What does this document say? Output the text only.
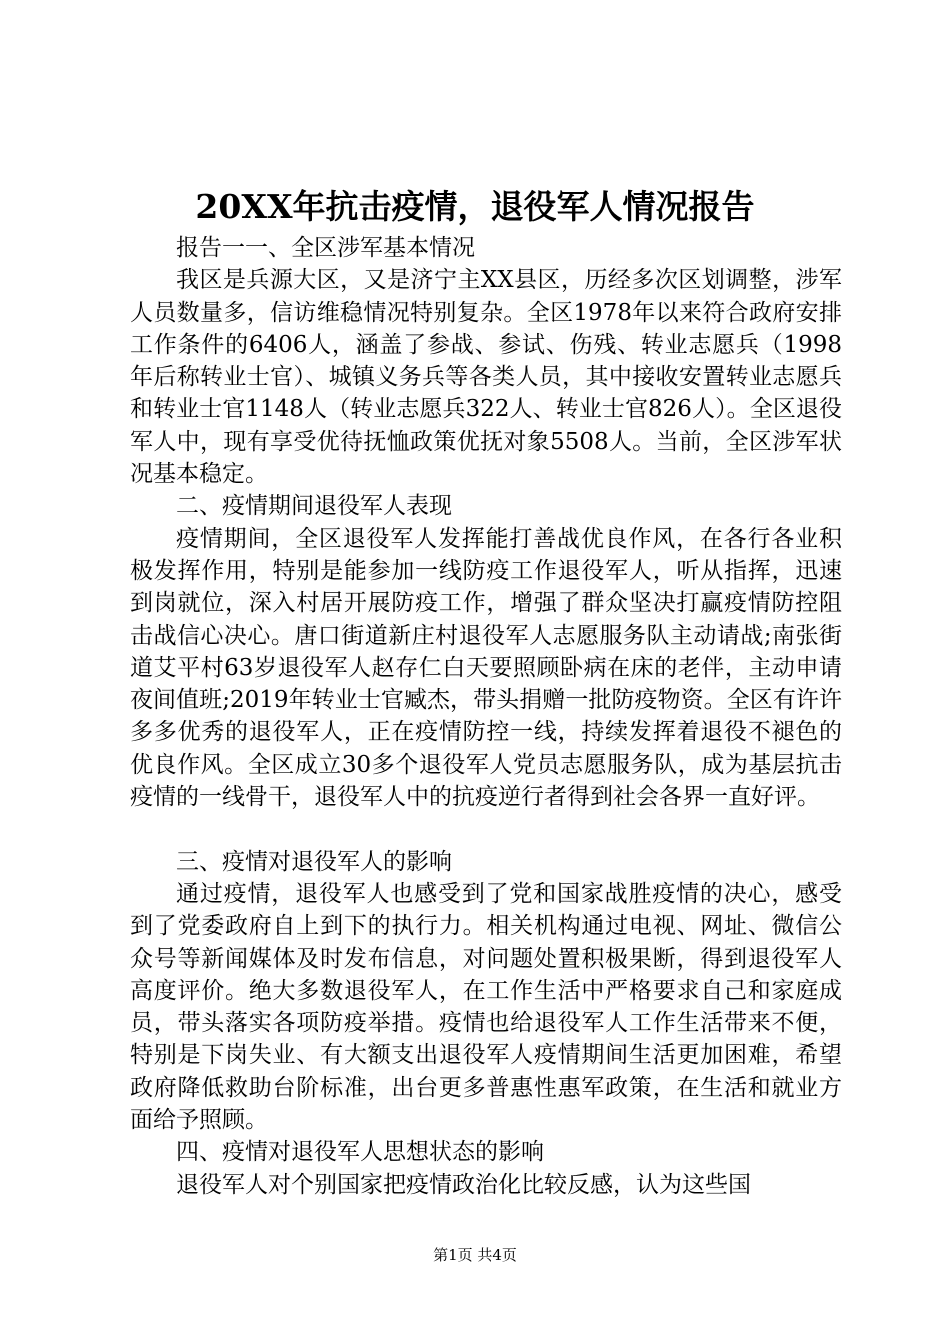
20XX年抗击疫情，退役军人情况报告

报告一一、全区涉军基本情况

我区是兵源大区，又是济宁主XX县区，历经多次区划调整，涉军人员数量多，信访维稳情况特别复杂。全区1978年以来符合政府安排工作条件的6406人，涵盖了参战、参试、伤残、转业志愿兵（1998年后称转业士官）、城镇义务兵等各类人员，其中接收安置转业志愿兵和转业士官1148人（转业志愿兵322人、转业士官826人）。全区退役军人中，现有享受优待抚恤政策优抚对象5508人。当前，全区涉军状况基本稳定。

二、疫情期间退役军人表现

疫情期间，全区退役军人发挥能打善战优良作风，在各行各业积极发挥作用，特别是能参加一线防疫工作退役军人，听从指挥，迅速到岗就位，深入村居开展防疫工作，增强了群众坚决打赢疫情防控阻击战信心决心。唐口街道新庄村退役军人志愿服务队主动请战;南张街道艾平村63岁退役军人赵存仁白天要照顾卧病在床的老伴，主动申请夜间值班;2019年转业士官臧杰，带头捐赠一批防疫物资。全区有许许多多优秀的退役军人，正在疫情防控一线，持续发挥着退役不褪色的优良作风。全区成立30多个退役军人党员志愿服务队，成为基层抗击疫情的一线骨干，退役军人中的抗疫逆行者得到社会各界一直好评。

三、疫情对退役军人的影响

通过疫情，退役军人也感受到了党和国家战胜疫情的决心，感受到了党委政府自上到下的执行力。相关机构通过电视、网址、微信公众号等新闻媒体及时发布信息，对问题处置积极果断，得到退役军人高度评价。绝大多数退役军人，在工作生活中严格要求自己和家庭成员，带头落实各项防疫举措。疫情也给退役军人工作生活带来不便，特别是下岗失业、有大额支出退役军人疫情期间生活更加困难，希望政府降低救助台阶标准，出台更多普惠性惠军政策，在生活和就业方面给予照顾。

四、疫情对退役军人思想状态的影响

退役军人对个别国家把疫情政治化比较反感，认为这些国

第1页 共4页
